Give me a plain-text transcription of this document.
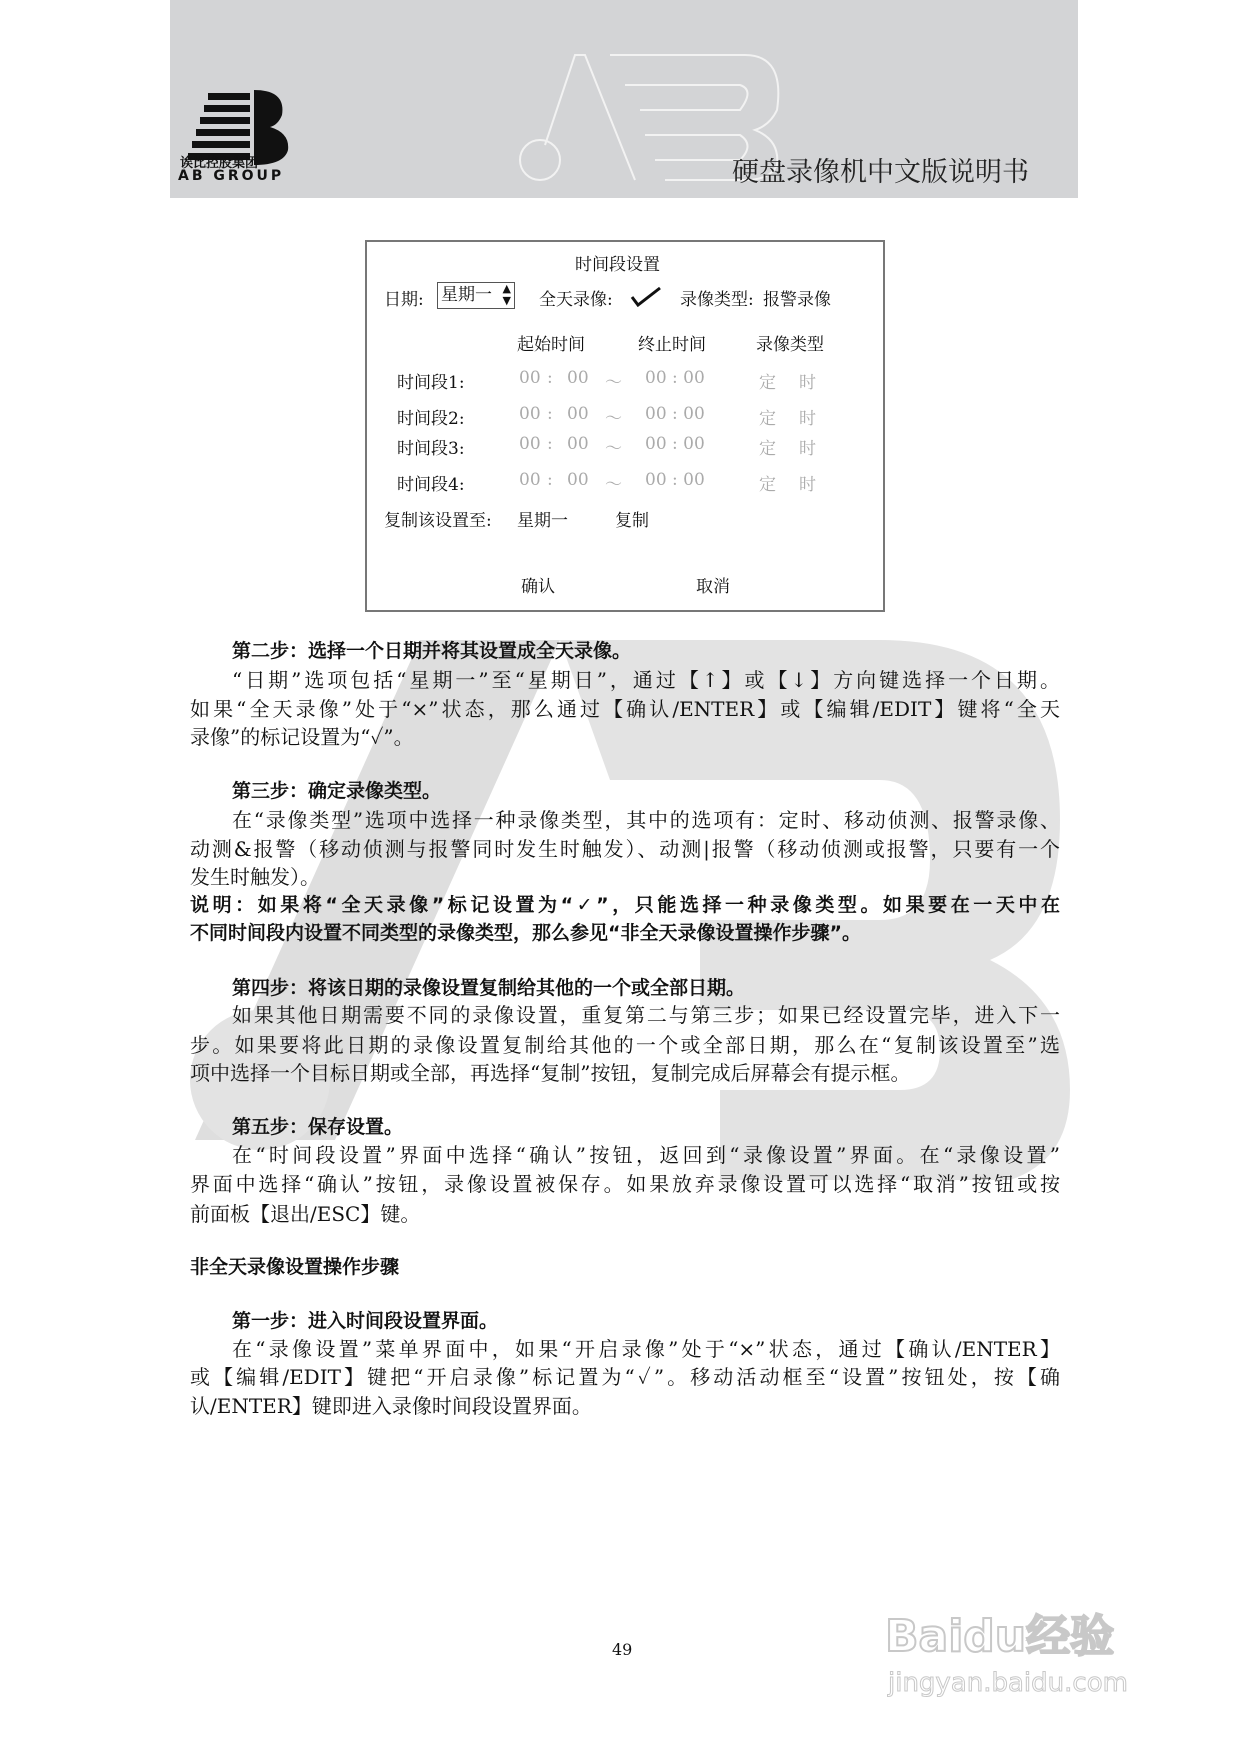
诶比控股集团
AB GROUP	硬盘录像机中文版说明书
时间段设置
日期: 星期一 ▲
▼ 全天录像:	录像类型: 报警录像
起始时间	终止时间	录像类型
时间段1:	00 : 00 ～ 00 : 00	定 时
时间段2:	00 : 00 ～ 00 : 00	定 时
时间段3:	00 : 00 ～ 00 : 00	定 时
时间段4:	00 : 00 ～ 00 : 00	定 时
复制该设置至: 星期一	复制
确认	取消
第二步：选择一个日期并将其设置成全天录像。
“日期”选项包括“星期一”至“星期日”，通过【↑】或【↓】方向键选择一个日期。
如果“全天录像”处于“×”状态，那么通过【确认/ENTER】或【编辑/EDIT】键将“全天
录像”的标记设置为“✓”。
第三步：确定录像类型。
在“录像类型”选项中选择一种录像类型，其中的选项有：定时、移动侦测、报警录像、
动测&报警（移动侦测与报警同时发生时触发）、动测|报警（移动侦测或报警，只要有一个
发生时触发）。
说明：如果将“全天录像”标记设置为“✓”，只能选择一种录像类型。如果要在一天中在
不同时间段内设置不同类型的录像类型，那么参见“非全天录像设置操作步骤”。
第四步：将该日期的录像设置复制给其他的一个或全部日期。
如果其他日期需要不同的录像设置，重复第二与第三步；如果已经设置完毕，进入下一
步。如果要将此日期的录像设置复制给其他的一个或全部日期，那么在“复制该设置至”选
项中选择一个目标日期或全部，再选择“复制”按钮，复制完成后屏幕会有提示框。
第五步：保存设置。
在“时间段设置”界面中选择“确认”按钮，返回到“录像设置”界面。在“录像设置”
界面中选择“确认”按钮，录像设置被保存。如果放弃录像设置可以选择“取消”按钮或按
前面板【退出/ESC】键。
非全天录像设置操作步骤
第一步：进入时间段设置界面。
在“录像设置”菜单界面中，如果“开启录像”处于“×”状态，通过【确认/ENTER】
或【编辑/EDIT】键把“开启录像”标记置为“✓”。移动活动框至“设置”按钮处，按【确
认/ENTER】键即进入录像时间段设置界面。
49	Baidu经验
jingyan.baidu.com
